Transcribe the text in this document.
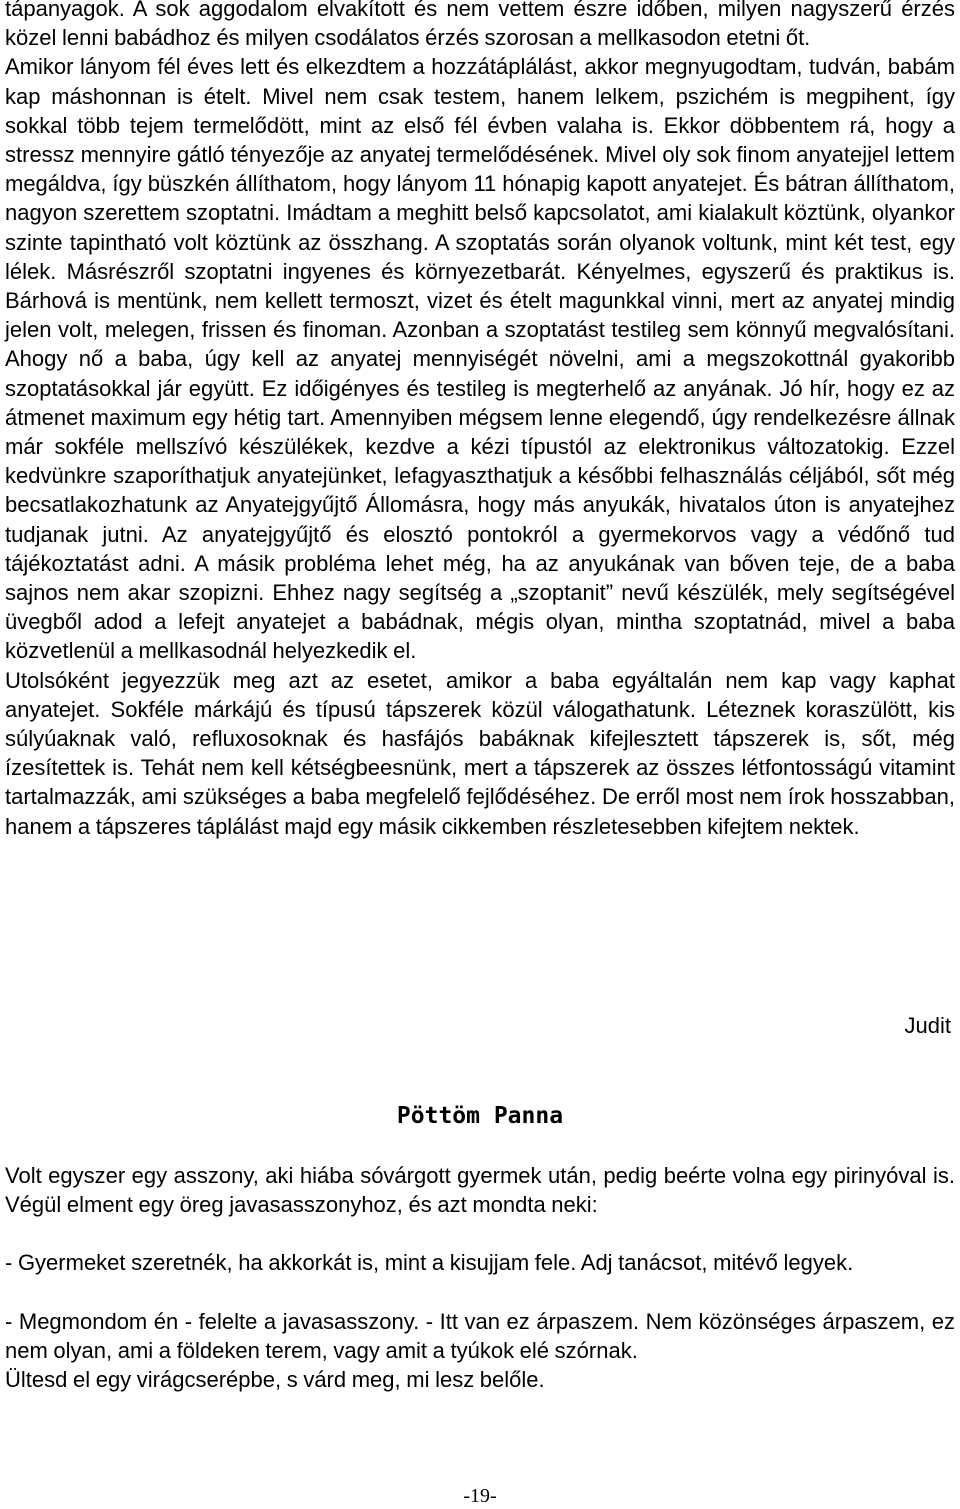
tápanyagok. A sok aggodalom elvakított és nem vettem észre időben, milyen nagyszerű érzés közel lenni babádhoz és milyen csodálatos érzés szorosan a mellkasodon etetni őt.

Amikor lányom fél éves lett és elkezdtem a hozzátáplálást, akkor megnyugodtam, tudván, babám kap máshonnan is ételt. Mivel nem csak testem, hanem lelkem, pszichém is megpihent, így sokkal több tejem termelődött, mint az első fél évben valaha is. Ekkor döbbentem rá, hogy a stressz mennyire gátló tényezője az anyatej termelődésének. Mivel oly sok finom anyatejjel lettem megáldva, így büszkén állíthatom, hogy lányom 11 hónapig kapott anyatejet. És bátran állíthatom, nagyon szerettem szoptatni. Imádtam a meghitt belső kapcsolatot, ami kialakult köztünk, olyankor szinte tapintható volt köztünk az összhang. A szoptatás során olyanok voltunk, mint két test, egy lélek. Másrészről szoptatni ingyenes és környezetbarát. Kényelmes, egyszerű és praktikus is. Bárhová is mentünk, nem kellett termoszt, vizet és ételt magunkkal vinni, mert az anyatej mindig jelen volt, melegen, frissen és finoman. Azonban a szoptatást testileg sem könnyű megvalósítani. Ahogy nő a baba, úgy kell az anyatej mennyiségét növelni, ami a megszokottnál gyakoribb szoptatásokkal jár együtt. Ez időigényes és testileg is megterhelő az anyának. Jó hír, hogy ez az átmenet maximum egy hétig tart. Amennyiben mégsem lenne elegendő, úgy rendelkezésre állnak már sokféle mellszívó készülékek, kezdve a kézi típustól az elektronikus változatokig. Ezzel kedvünkre szaporíthatjuk anyatejünket, lefagyaszthatjuk a későbbi felhasználás céljából, sőt még becsatlakozhatunk az Anyatejgyűjtő Állomásra, hogy más anyukák, hivatalos úton is anyatejhez tudjanak jutni. Az anyatejgyűjtő és elosztó pontokról a gyermekorvos vagy a védőnő tud tájékoztatást adni. A másik probléma lehet még, ha az anyukának van bőven teje, de a baba sajnos nem akar szopizni. Ehhez nagy segítség a „szoptanit” nevű készülék, mely segítségével üvegből adod a lefejt anyatejet a babádnak, mégis olyan, mintha szoptatnád, mivel a baba közvetlenül a mellkasodnál helyezkedik el.

Utolsóként jegyezzük meg azt az esetet, amikor a baba egyáltalán nem kap vagy kaphat anyatejet. Sokféle márkájú és típusú tápszerek közül válogathatunk. Léteznek koraszülött, kis súlyúaknak való, refluxosoknak és hasfájós babáknak kifejlesztett tápszerek is, sőt, még ízesítettek is. Tehát nem kell kétségbeesnünk, mert a tápszerek az összes létfontosságú vitamint tartalmazzák, ami szükséges a baba megfelelő fejlődéséhez. De erről most nem írok hosszabban, hanem a tápszeres táplálást majd egy másik cikkemben részletesebben kifejtem nektek.

Judit
Pöttöm Panna

Volt egyszer egy asszony, aki hiába sóvárgott gyermek után, pedig beérte volna egy pirinyóval is. Végül elment egy öreg javasasszonyhoz, és azt mondta neki:

- Gyermeket szeretnék, ha akkorkát is, mint a kisujjam fele. Adj tanácsot, mitévő legyek.

- Megmondom én - felelte a javasasszony. - Itt van ez árpaszem. Nem közönséges árpaszem, ez nem olyan, ami a földeken terem, vagy amit a tyúkok elé szórnak.

Ültesd el egy virágcserépbe, s várd meg, mi lesz belőle.

-19-
